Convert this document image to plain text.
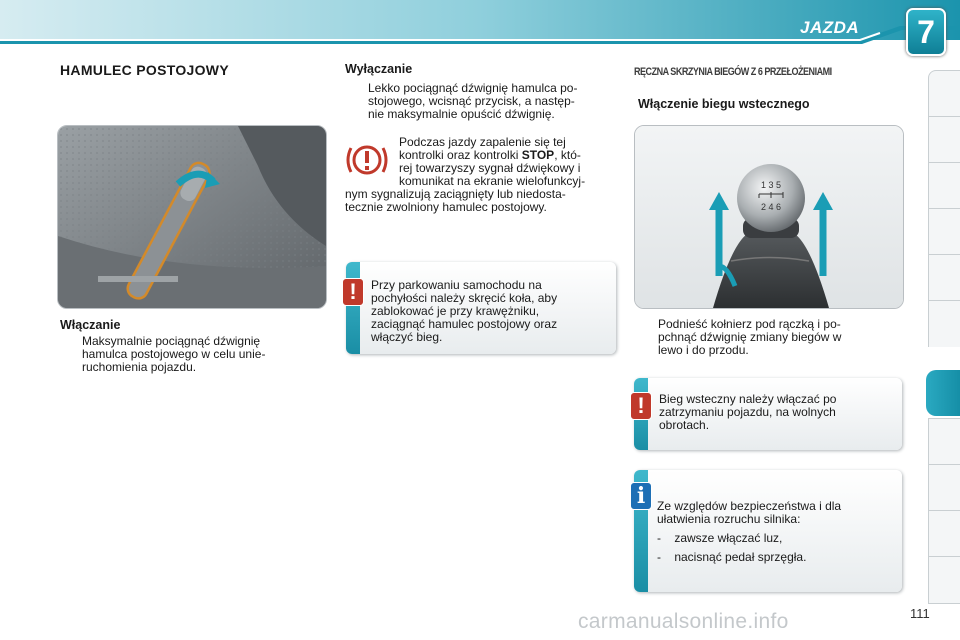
JAZDA	7
HAMULEC POSTOJOWY
Włączanie
Maksymalnie pociągnąć dźwignię
hamulca postojowego w celu unie-
ruchomienia pojazdu.
Wyłączanie
Lekko pociągnąć dźwignię hamulca po-
stojowego, wcisnąć przycisk, a następ-
nie maksymalnie opuścić dźwignię.
Podczas jazdy zapalenie się tej
kontrolki oraz kontrolki STOP, któ-
rej towarzyszy sygnał dźwiękowy i
komunikat na ekranie wielofunkcyj-
nym sygnalizują zaciągnięty lub niedosta-
tecznie zwolniony hamulec postojowy.
!	Przy parkowaniu samochodu na
pochyłości należy skręcić koła, aby
zablokować je przy krawężniku,
zaciągnąć hamulec postojowy oraz
włączyć bieg.
RĘCZNA SKRZYNIA BIEGÓW Z 6 PRZEŁOŻENIAMI
Włączenie biegu wstecznego
1 3 5
2 4 6
Podnieść kołnierz pod rączką i po-
pchnąć dźwignię zmiany biegów w
lewo i do przodu.
!	Bieg wsteczny należy włączać po
zatrzymaniu pojazdu, na wolnych
obrotach.
i Ze względów bezpieczeństwa i dla
ułatwienia rozruchu silnika:
-    zawsze włączać luz,
-    nacisnąć pedał sprzęgła.
111
carmanualsonline.info
